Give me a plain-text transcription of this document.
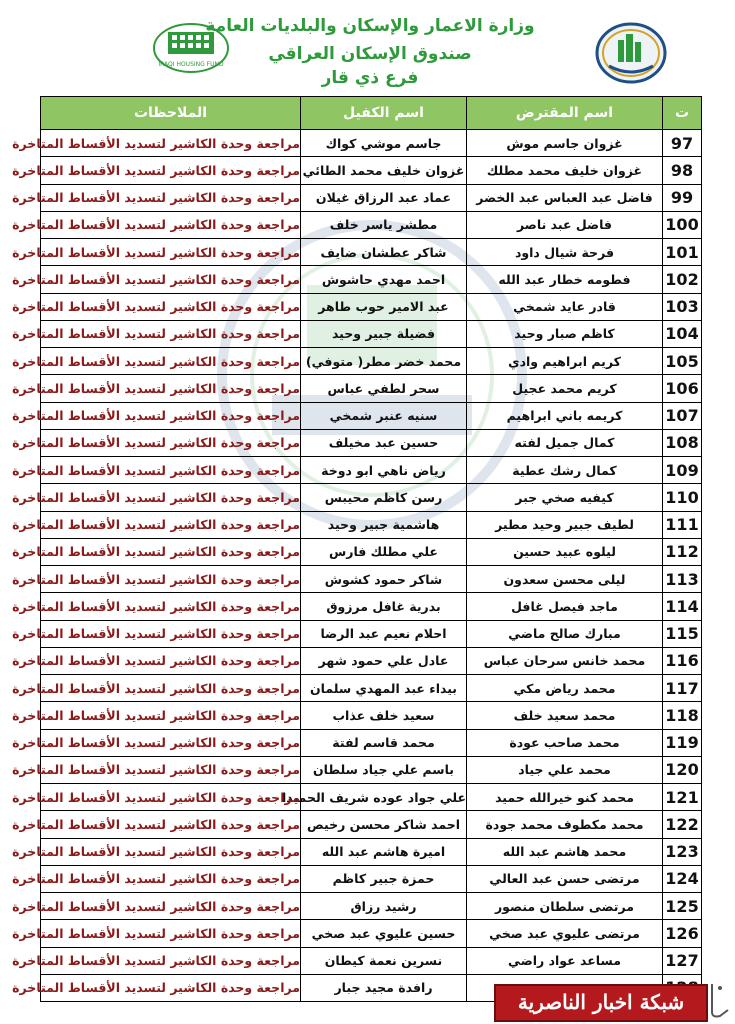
IRAQI HOUSING FUND
وزارة الاعمار والإسكان والبلديات العامة
صندوق الإسكان العراقي
فرع ذي قار
ت	اسم المقترض	اسم الكفيل	الملاحظات
97	غزوان جاسم موش	جاسم موشي كواك	مراجعة وحدة الكاشير لتسديد الأقساط المتاخرة
98	غزوان خليف محمد مطلك	غزوان خليف محمد الطائي	مراجعة وحدة الكاشير لتسديد الأقساط المتاخرة
99	فاضل عبد العباس عبد الخضر	عماد عبد الرزاق غيلان	مراجعة وحدة الكاشير لتسديد الأقساط المتاخرة
100	فاضل عبد ناصر	مطشر ياسر خلف	مراجعة وحدة الكاشير لتسديد الأقساط المتاخرة
101	فرحة شيال داود	شاكر عطشان ضايف	مراجعة وحدة الكاشير لتسديد الأقساط المتاخرة
102	فطومه خطار عبد الله	احمد مهدي حاشوش	مراجعة وحدة الكاشير لتسديد الأقساط المتاخرة
103	قادر عايد شمخي	عبد الامير حوب طاهر	مراجعة وحدة الكاشير لتسديد الأقساط المتاخرة
104	كاظم صبار وحيد	فضيلة جبير وحيد	مراجعة وحدة الكاشير لتسديد الأقساط المتاخرة
105	كريم ابراهيم وادي	محمد خضر مطر( متوفي)	مراجعة وحدة الكاشير لتسديد الأقساط المتاخرة
106	كريم محمد عجيل	سحر لطفي عباس	مراجعة وحدة الكاشير لتسديد الأقساط المتاخرة
107	كريمه باني ابراهيم	سنيه عنبر شمخي	مراجعة وحدة الكاشير لتسديد الأقساط المتاخرة
108	كمال جميل لفته	حسين عبد مخيلف	مراجعة وحدة الكاشير لتسديد الأقساط المتاخرة
109	كمال رشك عطية	رياض ناهي ابو دوخة	مراجعة وحدة الكاشير لتسديد الأقساط المتاخرة
110	كيفيه صخي جبر	رسن كاظم محيبس	مراجعة وحدة الكاشير لتسديد الأقساط المتاخرة
111	لطيف جبير وحيد مطير	هاشمية جبير وحيد	مراجعة وحدة الكاشير لتسديد الأقساط المتاخرة
112	ليلوه عبيد حسين	علي مطلك فارس	مراجعة وحدة الكاشير لتسديد الأقساط المتاخرة
113	ليلى محسن سعدون	شاكر حمود كشوش	مراجعة وحدة الكاشير لتسديد الأقساط المتاخرة
114	ماجد فيصل غافل	بدرية غافل مرزوق	مراجعة وحدة الكاشير لتسديد الأقساط المتاخرة
115	مبارك صالح ماضي	احلام نعيم عبد الرضا	مراجعة وحدة الكاشير لتسديد الأقساط المتاخرة
116	محمد خانس سرحان عباس	عادل علي حمود شهر	مراجعة وحدة الكاشير لتسديد الأقساط المتاخرة
117	محمد رياض مكي	بيداء عبد المهدي سلمان	مراجعة وحدة الكاشير لتسديد الأقساط المتاخرة
118	محمد سعيد خلف	سعيد خلف عذاب	مراجعة وحدة الكاشير لتسديد الأقساط المتاخرة
119	محمد صاحب عودة	محمد قاسم لفتة	مراجعة وحدة الكاشير لتسديد الأقساط المتاخرة
120	محمد علي جياد	باسم علي جياد سلطان	مراجعة وحدة الكاشير لتسديد الأقساط المتاخرة
121	محمد كنو خيرالله حميد	علي جواد عوده شريف الحميدا	مراجعة وحدة الكاشير لتسديد الأقساط المتاخرة
122	محمد مكطوف محمد جودة	احمد شاكر محسن رخيص	مراجعة وحدة الكاشير لتسديد الأقساط المتاخرة
123	محمد هاشم عبد الله	اميرة هاشم عبد الله	مراجعة وحدة الكاشير لتسديد الأقساط المتاخرة
124	مرتضى حسن عبد العالي	حمزة جبير كاظم	مراجعة وحدة الكاشير لتسديد الأقساط المتاخرة
125	مرتضى سلطان منصور	رشيد رزاق	مراجعة وحدة الكاشير لتسديد الأقساط المتاخرة
126	مرتضى عليوي عبد صخي	حسين عليوي عبد صخي	مراجعة وحدة الكاشير لتسديد الأقساط المتاخرة
127	مساعد عواد راضي	نسرين نعمة كيطان	مراجعة وحدة الكاشير لتسديد الأقساط المتاخرة
		رافدة مجيد جبار	مراجعة وحدة الكاشير لتسديد الأقساط المتاخرة
شبكة اخبار الناصرية
